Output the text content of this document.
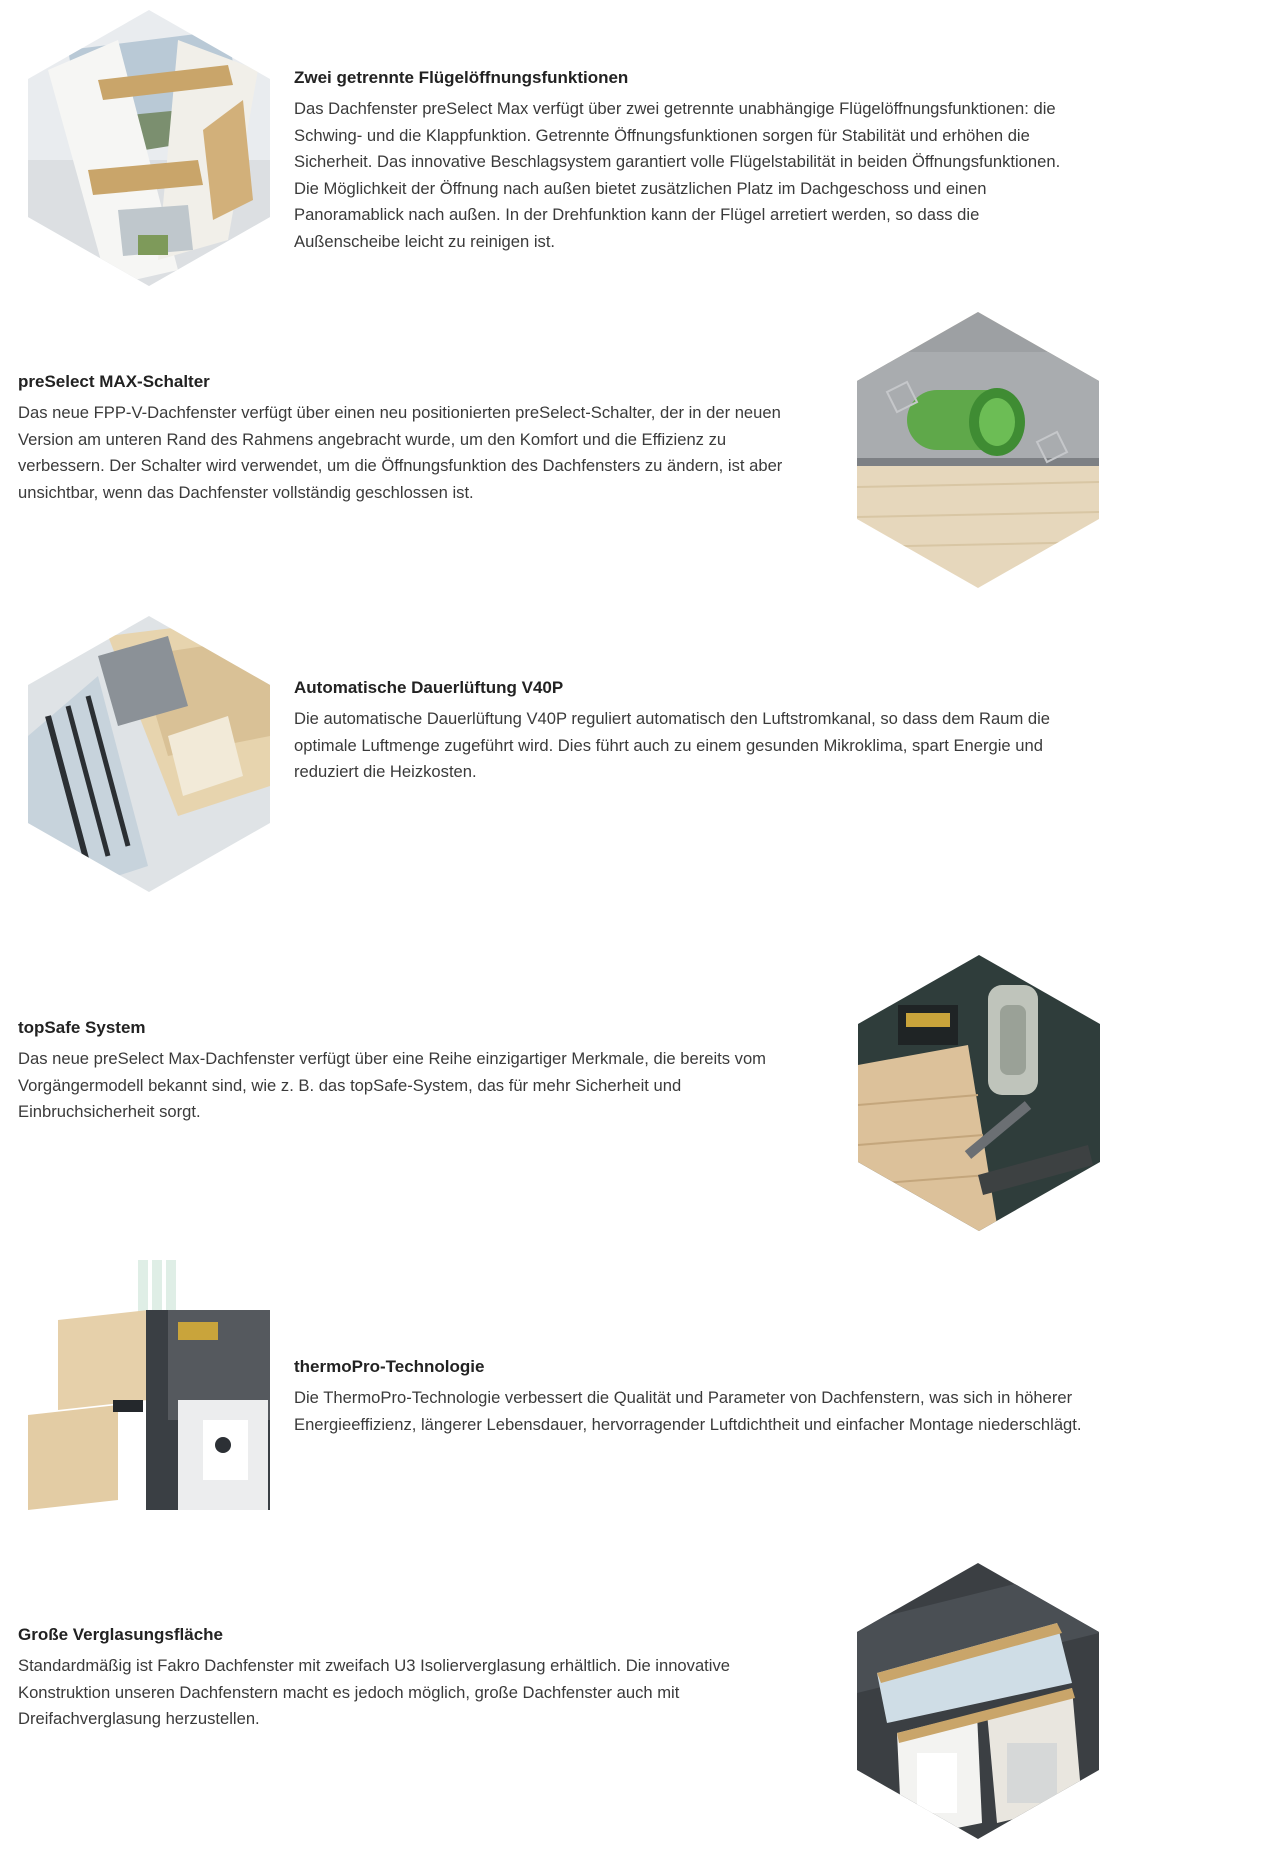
Zwei getrennte Flügelöffnungsfunktionen

Das Dachfenster preSelect Max verfügt über zwei getrennte unabhängige Flügelöffnungsfunktionen: die Schwing- und die Klappfunktion. Getrennte Öffnungsfunktionen sorgen für Stabilität und erhöhen die Sicherheit. Das innovative Beschlagsystem garantiert volle Flügelstabilität in beiden Öffnungsfunktionen. Die Möglichkeit der Öffnung nach außen bietet zusätzlichen Platz im Dachgeschoss und einen Panoramablick nach außen. In der Drehfunktion kann der Flügel arretiert werden, so dass die Außenscheibe leicht zu reinigen ist.

preSelect MAX-Schalter

Das neue FPP-V-Dachfenster verfügt über einen neu positionierten preSelect-Schalter, der in der neuen Version am unteren Rand des Rahmens angebracht wurde, um den Komfort und die Effizienz zu verbessern. Der Schalter wird verwendet, um die Öffnungsfunktion des Dachfensters zu ändern, ist aber unsichtbar, wenn das Dachfenster vollständig geschlossen ist.

Automatische Dauerlüftung V40P

Die automatische Dauerlüftung V40P reguliert automatisch den Luftstromkanal, so dass dem Raum die optimale Luftmenge zugeführt wird. Dies führt auch zu einem gesunden Mikroklima, spart Energie und reduziert die Heizkosten.

topSafe System

Das neue preSelect Max-Dachfenster verfügt über eine Reihe einzigartiger Merkmale, die bereits vom Vorgängermodell bekannt sind, wie z. B. das topSafe-System, das für mehr Sicherheit und Einbruchsicherheit sorgt.

thermoPro-Technologie

Die ThermoPro-Technologie verbessert die Qualität und Parameter von Dachfenstern, was sich in höherer Energieeffizienz, längerer Lebensdauer, hervorragender Luftdichtheit und einfacher Montage niederschlägt.

Große Verglasungsfläche

Standardmäßig ist Fakro Dachfenster mit zweifach U3 Isolierverglasung erhältlich. Die innovative Konstruktion unseren Dachfenstern macht es jedoch möglich, große Dachfenster auch mit Dreifachverglasung herzustellen.
